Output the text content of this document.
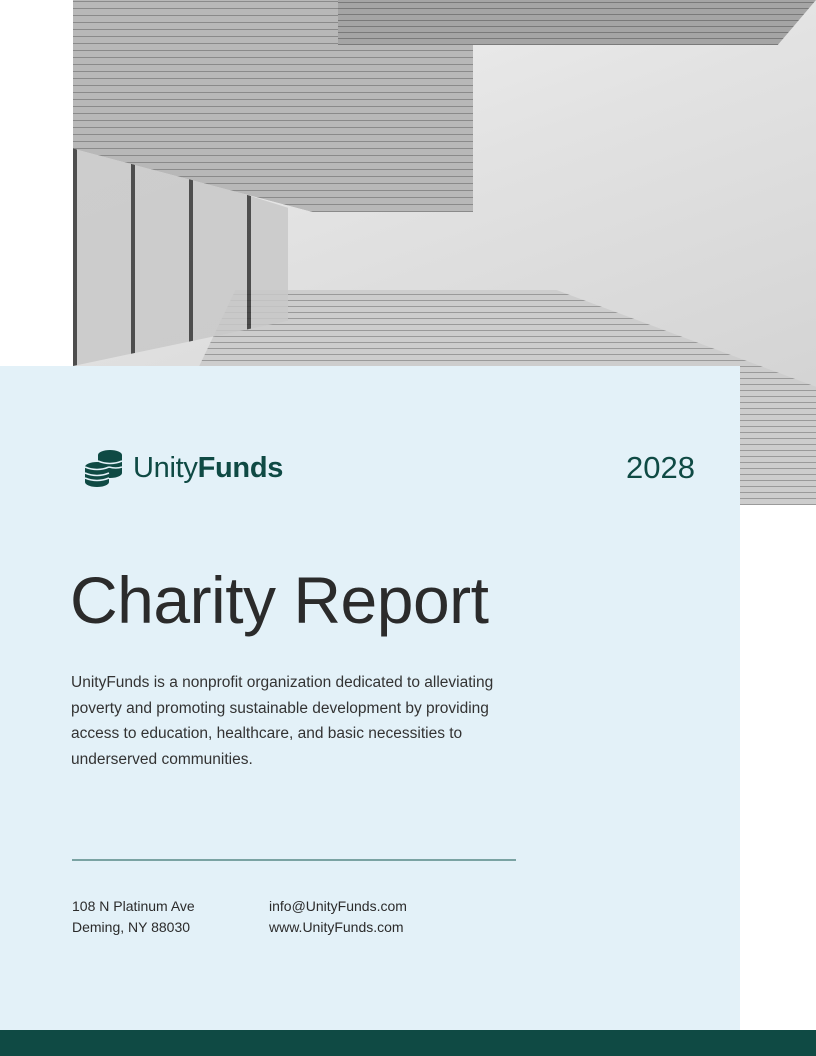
UnityFunds	2028
Charity Report

UnityFunds is a nonprofit organization dedicated to alleviating poverty and promoting sustainable development by providing access to education, healthcare, and basic necessities to underserved communities.

108 N Platinum Ave
Deming, NY 88030
info@UnityFunds.com
www.UnityFunds.com
